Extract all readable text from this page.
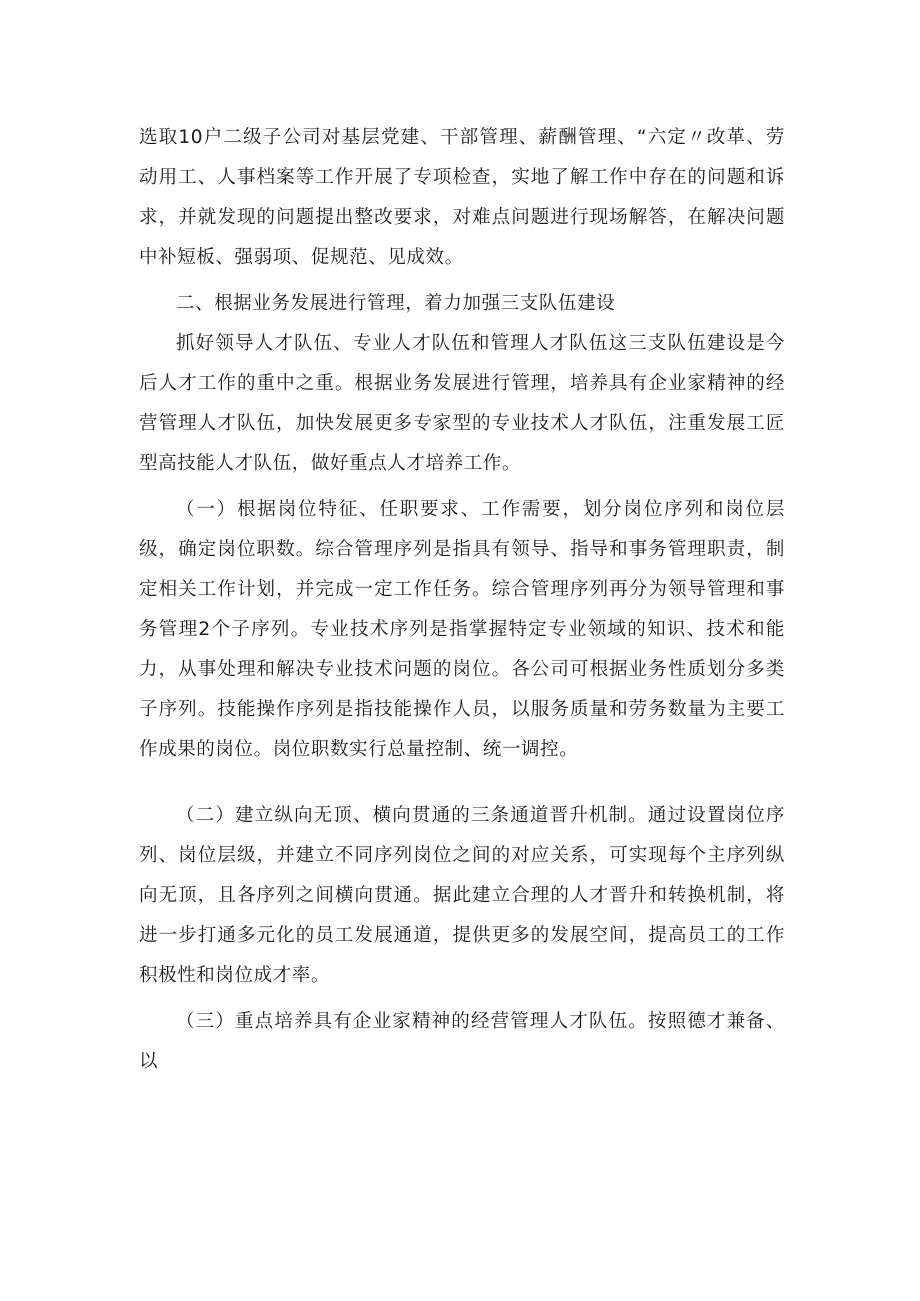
选取10户二级子公司对基层党建、干部管理、薪酬管理、“六定〃改革、劳动用工、人事档案等工作开展了专项检查，实地了解工作中存在的问题和诉求，并就发现的问题提出整改要求，对难点问题进行现场解答，在解决问题中补短板、强弱项、促规范、见成效。

二、根据业务发展进行管理，着力加强三支队伍建设

抓好领导人才队伍、专业人才队伍和管理人才队伍这三支队伍建设是今后人才工作的重中之重。根据业务发展进行管理，培养具有企业家精神的经营管理人才队伍，加快发展更多专家型的专业技术人才队伍，注重发展工匠型高技能人才队伍，做好重点人才培养工作。

（一）根据岗位特征、任职要求、工作需要，划分岗位序列和岗位层级，确定岗位职数。综合管理序列是指具有领导、指导和事务管理职责，制定相关工作计划，并完成一定工作任务。综合管理序列再分为领导管理和事务管理2个子序列。专业技术序列是指掌握特定专业领域的知识、技术和能力，从事处理和解决专业技术问题的岗位。各公司可根据业务性质划分多类子序列。技能操作序列是指技能操作人员，以服务质量和劳务数量为主要工作成果的岗位。岗位职数实行总量控制、统一调控。

（二）建立纵向无顶、横向贯通的三条通道晋升机制。通过设置岗位序列、岗位层级，并建立不同序列岗位之间的对应关系，可实现每个主序列纵向无顶，且各序列之间横向贯通。据此建立合理的人才晋升和转换机制，将进一步打通多元化的员工发展通道，提供更多的发展空间，提高员工的工作积极性和岗位成才率。

（三）重点培养具有企业家精神的经营管理人才队伍。按照德才兼备、以
